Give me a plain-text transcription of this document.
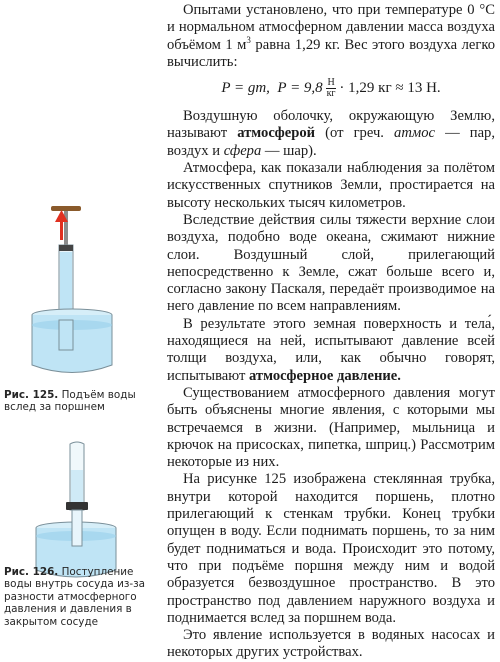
Рис. 125. Подъём воды вслед за поршнем
Рис. 126. Поступление воды внутрь сосуда из-за разности атмосферного давления и давления в закрытом сосуде

Опытами установлено, что при температуре 0 °С и нормальном атмосферном давлении масса воздуха объёмом 1 $м^3$ равна 1,29 кг. Вес этого воздуха легко вычислить:

P = gm, $P = 9,8 \frac{Н}{кг} \cdot 1,29$ кг ≈ 13 Н.

Воздушную оболочку, окружающую Землю, называют атмосферой (от греч. атмос — пар, воздух и сфера — шар).

Атмосфера, как показали наблюдения за полётом искусственных спутников Земли, простирается на высоту нескольких тысяч километров.

Вследствие действия силы тяжести верхние слои воздуха, подобно воде океана, сжимают нижние слои. Воздушный слой, прилегающий непосредственно к Земле, сжат больше всего и, согласно закону Паскаля, передаёт производимое на него давление по всем направлениям.

В результате этого земная поверхность и тела́, находящиеся на ней, испытывают давление всей толщи воздуха, или, как обычно говорят, испытывают атмосферное давление.

Существованием атмосферного давления могут быть объяснены многие явления, с которыми мы встречаемся в жизни. (Например, мыльница и крючок на присосках, пипетка, шприц.) Рассмотрим некоторые из них.

На рисунке 125 изображена стеклянная трубка, внутри которой находится поршень, плотно прилегающий к стенкам трубки. Конец трубки опущен в воду. Если поднимать поршень, то за ним будет подниматься и вода. Происходит это потому, что при подъёме поршня между ним и водой образуется безвоздушное пространство. В это пространство под давлением наружного воздуха и поднимается вслед за поршнем вода.

Это явление используется в водяных насосах и некоторых других устройствах.
